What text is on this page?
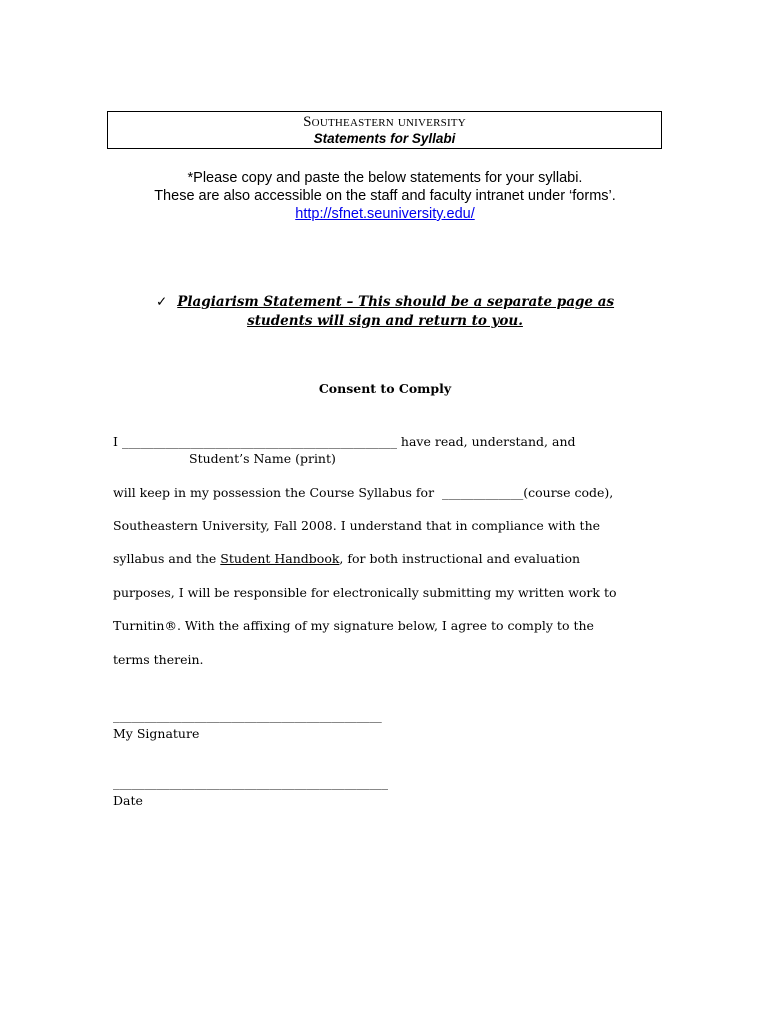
Southeastern university
Statements for Syllabi
*Please copy and paste the below statements for your syllabi.
These are also accessible on the staff and faculty intranet under ‘forms’.
http://sfnet.seuniversity.edu/
✓ Plagiarism Statement – This should be a separate page as
students will sign and return to you.
Consent to Comply
I ____________________________________________ have read, understand, and
Student’s Name (print)
will keep in my possession the Course Syllabus for _____________(course code),
Southeastern University, Fall 2008. I understand that in compliance with the
syllabus and the Student Handbook, for both instructional and evaluation
purposes, I will be responsible for electronically submitting my written work to
Turnitin®. With the affixing of my signature below, I agree to comply to the
terms therein.
___________________________________________
My Signature
____________________________________________
Date
